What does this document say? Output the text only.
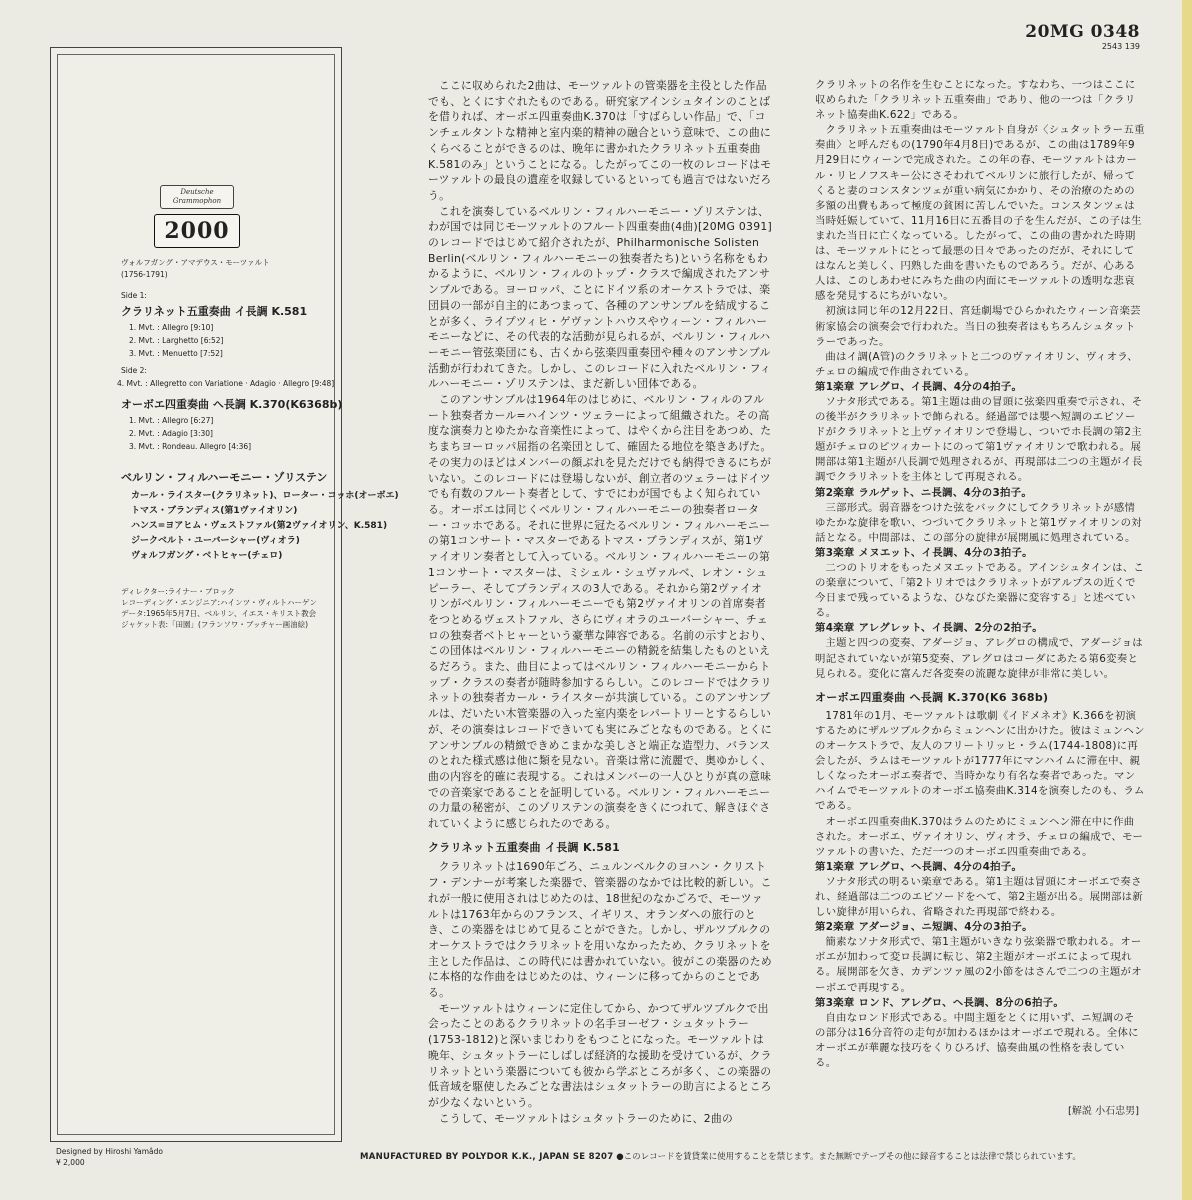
20MG 0348
2543 139
Deutsche Grammophon
2000
ヴォルフガング・アマデウス・モーツァルト
(1756-1791)
Side 1:
クラリネット五重奏曲 イ長調 K.581
1. Mvt. : Allegro [9:10]
2. Mvt. : Larghetto [6:52]
3. Mvt. : Menuetto [7:52]
Side 2:
4. Mvt. : Allegretto con Variatione · Adagio · Allegro [9:48]
オーボエ四重奏曲 ヘ長調 K.370(K6368b)
1. Mvt. : Allegro [6:27]
2. Mvt. : Adagio [3:30]
3. Mvt. : Rondeau. Allegro [4:36]
ベルリン・フィルハーモニー・ゾリステン
カール・ライスター(クラリネット)、ローター・コッホ(オーボエ)
トマス・ブランディス(第1ヴァイオリン)
ハンス=ヨアヒム・ヴェストファル(第2ヴァイオリン、K.581)
ジークベルト・ユーバーシャー(ヴィオラ)
ヴォルフガング・ベトヒャー(チェロ)
ディレクター:ライナー・ブロック
レコーディング・エンジニア:ハインツ・ヴィルトハーゲン
データ:1965年5月7日、ベルリン、イエス・キリスト教会
ジャケット表:「田園」(フランソワ・ブッチャー画油絵)

ここに収められた2曲は、モーツァルトの管楽器を主役とした作品でも、とくにすぐれたものである。研究家アインシュタインのことばを借りれば、オーボエ四重奏曲K.370は「すばらしい作品」で、「コンチェルタントな精神と室内楽的精神の融合という意味で、この曲にくらべることができるのは、晩年に書かれたクラリネット五重奏曲K.581のみ」ということになる。したがってこの一枚のレコードはモーツァルトの最良の遺産を収録しているといっても過言ではないだろう。

これを演奏しているベルリン・フィルハーモニー・ゾリステンは、わが国では同じモーツァルトのフルート四重奏曲(4曲)[20MG 0391]のレコードではじめて紹介されたが、Philharmonische Solisten Berlin(ベルリン・フィルハーモニーの独奏者たち)という名称をもわかるように、ベルリン・フィルのトップ・クラスで編成されたアンサンブルである。ヨーロッパ、ことにドイツ系のオーケストラでは、楽団員の一部が自主的にあつまって、各種のアンサンブルを結成することが多く、ライプツィヒ・ゲヴァントハウスやウィーン・フィルハーモニーなどに、その代表的な活動が見られるが、ベルリン・フィルハーモニー管弦楽団にも、古くから弦楽四重奏団や種々のアンサンブル活動が行われてきた。しかし、このレコードに入れたベルリン・フィルハーモニー・ゾリステンは、まだ新しい団体である。

このアンサンブルは1964年のはじめに、ベルリン・フィルのフルート独奏者カール=ハインツ・ツェラーによって組織された。その高度な演奏力とゆたかな音楽性によって、はやくから注目をあつめ、たちまちヨーロッパ屈指の名楽団として、確固たる地位を築きあげた。その実力のほどはメンバーの顔ぶれを見ただけでも納得できるにちがいない。このレコードには登場しないが、創立者のツェラーはドイツでも有数のフルート奏者として、すでにわが国でもよく知られている。オーボエは同じくベルリン・フィルハーモニーの独奏者ローター・コッホである。それに世界に冠たるベルリン・フィルハーモニーの第1コンサート・マスターであるトマス・ブランディスが、第1ヴァイオリン奏者として入っている。ベルリン・フィルハーモニーの第1コンサート・マスターは、ミシェル・シュヴァルベ、レオン・シュピーラー、そしてブランディスの3人である。それから第2ヴァイオリンがベルリン・フィルハーモニーでも第2ヴァイオリンの首席奏者をつとめるヴェストファル、さらにヴィオラのユーバーシャー、チェロの独奏者ベトヒャーという豪華な陣容である。名前の示すとおり、この団体はベルリン・フィルハーモニーの精鋭を結集したものといえるだろう。また、曲目によってはベルリン・フィルハーモニーからトップ・クラスの奏者が随時参加するらしい。このレコードではクラリネットの独奏者カール・ライスターが共演している。このアンサンブルは、だいたい木管楽器の入った室内楽をレパートリーとするらしいが、その演奏はレコードできいても実にみごとなものである。とくにアンサンブルの精緻できめこまかな美しさと端正な造型力、バランスのとれた様式感は他に類を見ない。音楽は常に流麗で、奥ゆかしく、曲の内容を的確に表現する。これはメンバーの一人ひとりが真の意味での音楽家であることを証明している。ベルリン・フィルハーモニーの力量の秘密が、このゾリステンの演奏をきくにつれて、解きほぐされていくように感じられたのである。

クラリネット五重奏曲 イ長調 K.581

クラリネットは1690年ごろ、ニュルンベルクのヨハン・クリストフ・デンナーが考案した楽器で、管楽器のなかでは比較的新しい。これが一般に使用されはじめたのは、18世紀のなかごろで、モーツァルトは1763年からのフランス、イギリス、オランダへの旅行のとき、この楽器をはじめて見ることができた。しかし、ザルツブルクのオーケストラではクラリネットを用いなかったため、クラリネットを主とした作品は、この時代には書かれていない。彼がこの楽器のために本格的な作曲をはじめたのは、ウィーンに移ってからのことである。

モーツァルトはウィーンに定住してから、かつてザルツブルクで出会ったことのあるクラリネットの名手ヨーゼフ・シュタットラー(1753-1812)と深いまじわりをもつことになった。モーツァルトは晩年、シュタットラーにしばしば経済的な援助を受けているが、クラリネットという楽器についても彼から学ぶところが多く、この楽器の低音域を駆使したみごとな書法はシュタットラーの助言によるところが少なくないという。

こうして、モーツァルトはシュタットラーのために、2曲の

クラリネットの名作を生むことになった。すなわち、一つはここに収められた「クラリネット五重奏曲」であり、他の一つは「クラリネット協奏曲K.622」である。

クラリネット五重奏曲はモーツァルト自身が〈シュタットラー五重奏曲〉と呼んだもの(1790年4月8日)であるが、この曲は1789年9月29日にウィーンで完成された。この年の春、モーツァルトはカール・リヒノフスキー公にさそわれてベルリンに旅行したが、帰ってくると妻のコンスタンツェが重い病気にかかり、その治療のための多額の出費もあって極度の貧困に苦しんでいた。コンスタンツェは当時妊娠していて、11月16日に五番目の子を生んだが、この子は生まれた当日に亡くなっている。したがって、この曲の書かれた時期は、モーツァルトにとって最悪の日々であったのだが、それにしてはなんと美しく、円熟した曲を書いたものであろう。だが、心ある人は、このしあわせにみちた曲の内面にモーツァルトの透明な悲哀感を発見するにちがいない。

初演は同じ年の12月22日、宮廷劇場でひらかれたウィーン音楽芸術家協会の演奏会で行われた。当日の独奏者はもちろんシュタットラーであった。

曲はイ調(A管)のクラリネットと二つのヴァイオリン、ヴィオラ、チェロの編成で作曲されている。

第1楽章 アレグロ、イ長調、4分の4拍子。

ソナタ形式である。第1主題は曲の冒頭に弦楽四重奏で示され、その後半がクラリネットで飾られる。経過部では嬰ヘ短調のエピソードがクラリネットと上ヴァイオリンで登場し、ついでホ長調の第2主題がチェロのピツィカートにのって第1ヴァイオリンで歌われる。展開部は第1主題が八長調で処理されるが、再現部は二つの主題がイ長調でクラリネットを主体として再現される。

第2楽章 ラルゲット、ニ長調、4分の3拍子。

三部形式。弱音器をつけた弦をバックにしてクラリネットが感情ゆたかな旋律を歌い、つづいてクラリネットと第1ヴァイオリンの対話となる。中間部は、この部分の旋律が展開風に処理されている。

第3楽章 メヌエット、イ長調、4分の3拍子。

二つのトリオをもったメヌエットである。アインシュタインは、この楽章について、「第2トリオではクラリネットがアルプスの近くで今日まで残っているような、ひなびた楽器に変容する」と述べている。

第4楽章 アレグレット、イ長調、2分の2拍子。

主題と四つの変奏、アダージョ、アレグロの構成で、アダージョは明記されていないが第5変奏、アレグロはコーダにあたる第6変奏と見られる。変化に富んだ各変奏の流麗な旋律が非常に美しい。

オーボエ四重奏曲 ヘ長調 K.370(K6 368b)

1781年の1月、モーツァルトは歌劇《イドメネオ》K.366を初演するためにザルツブルクからミュンヘンに出かけた。彼はミュンヘンのオーケストラで、友人のフリートリッヒ・ラム(1744-1808)に再会したが、ラムはモーツァルトが1777年にマンハイムに滞在中、親しくなったオーボエ奏者で、当時かなり有名な奏者であった。マンハイムでモーツァルトのオーボエ協奏曲K.314を演奏したのも、ラムである。

オーボエ四重奏曲K.370はラムのためにミュンヘン滞在中に作曲された。オーボエ、ヴァイオリン、ヴィオラ、チェロの編成で、モーツァルトの書いた、ただ一つのオーボエ四重奏曲である。

第1楽章 アレグロ、ヘ長調、4分の4拍子。

ソナタ形式の明るい楽章である。第1主題は冒頭にオーボエで奏され、経過部は二つのエピソードをへて、第2主題が出る。展開部は新しい旋律が用いられ、省略された再現部で終わる。

第2楽章 アダージョ、ニ短調、4分の3拍子。

簡素なソナタ形式で、第1主題がいきなり弦楽器で歌われる。オーボエが加わって変ロ長調に転じ、第2主題がオーボエによって現れる。展開部を欠き、カデンツァ風の2小節をはさんで二つの主題がオーボエで再現する。

第3楽章 ロンド、アレグロ、ヘ長調、8分の6拍子。

自由なロンド形式である。中間主題をとくに用いず、ニ短調のその部分は16分音符の走句が加わるほかはオーボエで現れる。全体にオーボエが華麗な技巧をくりひろげ、協奏曲風の性格を表している。

[解説 小石忠男]
Designed by Hiroshi Yamâdo
¥ 2,000
MANUFACTURED BY POLYDOR K.K., JAPAN SE 8207 ●このレコードを賃貸業に使用することを禁じます。また無断でテープその他に録音することは法律で禁じられています。
